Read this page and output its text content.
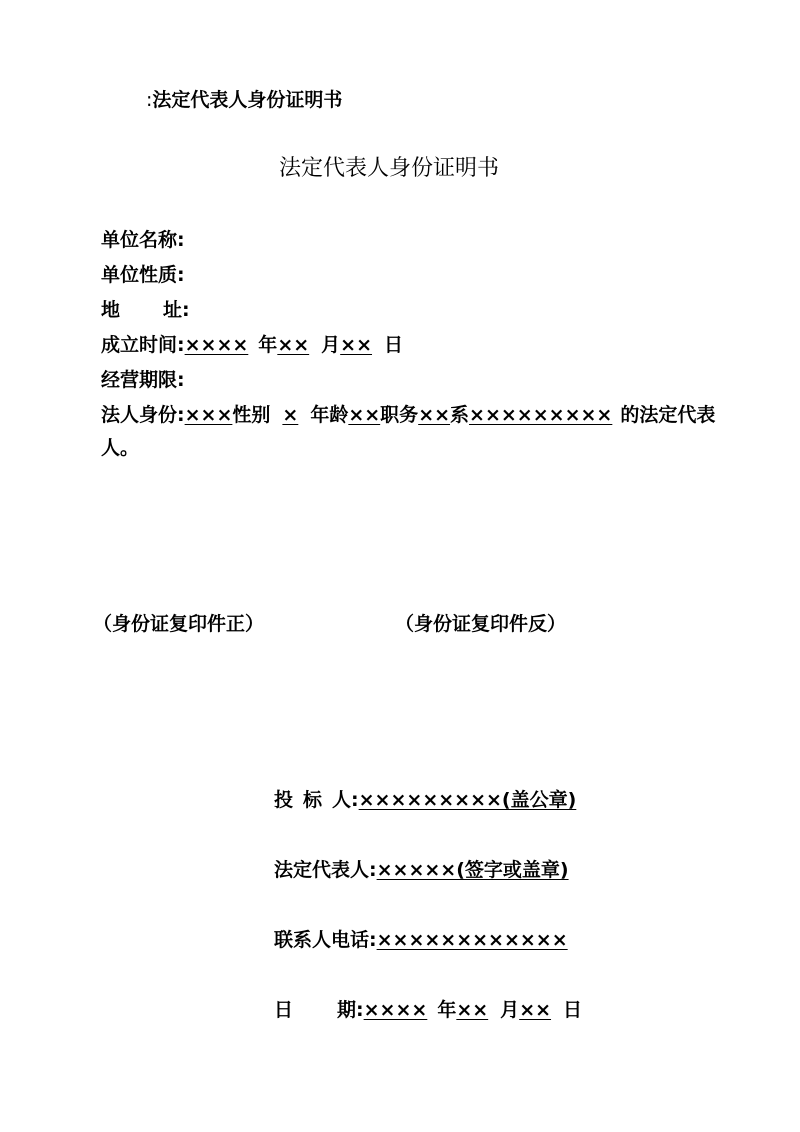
:法定代表人身份证明书
法定代表人身份证明书
单位名称:
单位性质:
地 址:
成立时间:×××× 年×× 月×× 日
经营期限:
法人身份:×××性别 × 年龄××职务××系××××××××× 的法定代表
人。
（身份证复印件正）	（身份证复印件反）
投 标 人:×××××××××(盖公章)
法定代表人:×××××(签字或盖章)
联系人电话:××××××××××××
日 期:×××× 年×× 月×× 日
